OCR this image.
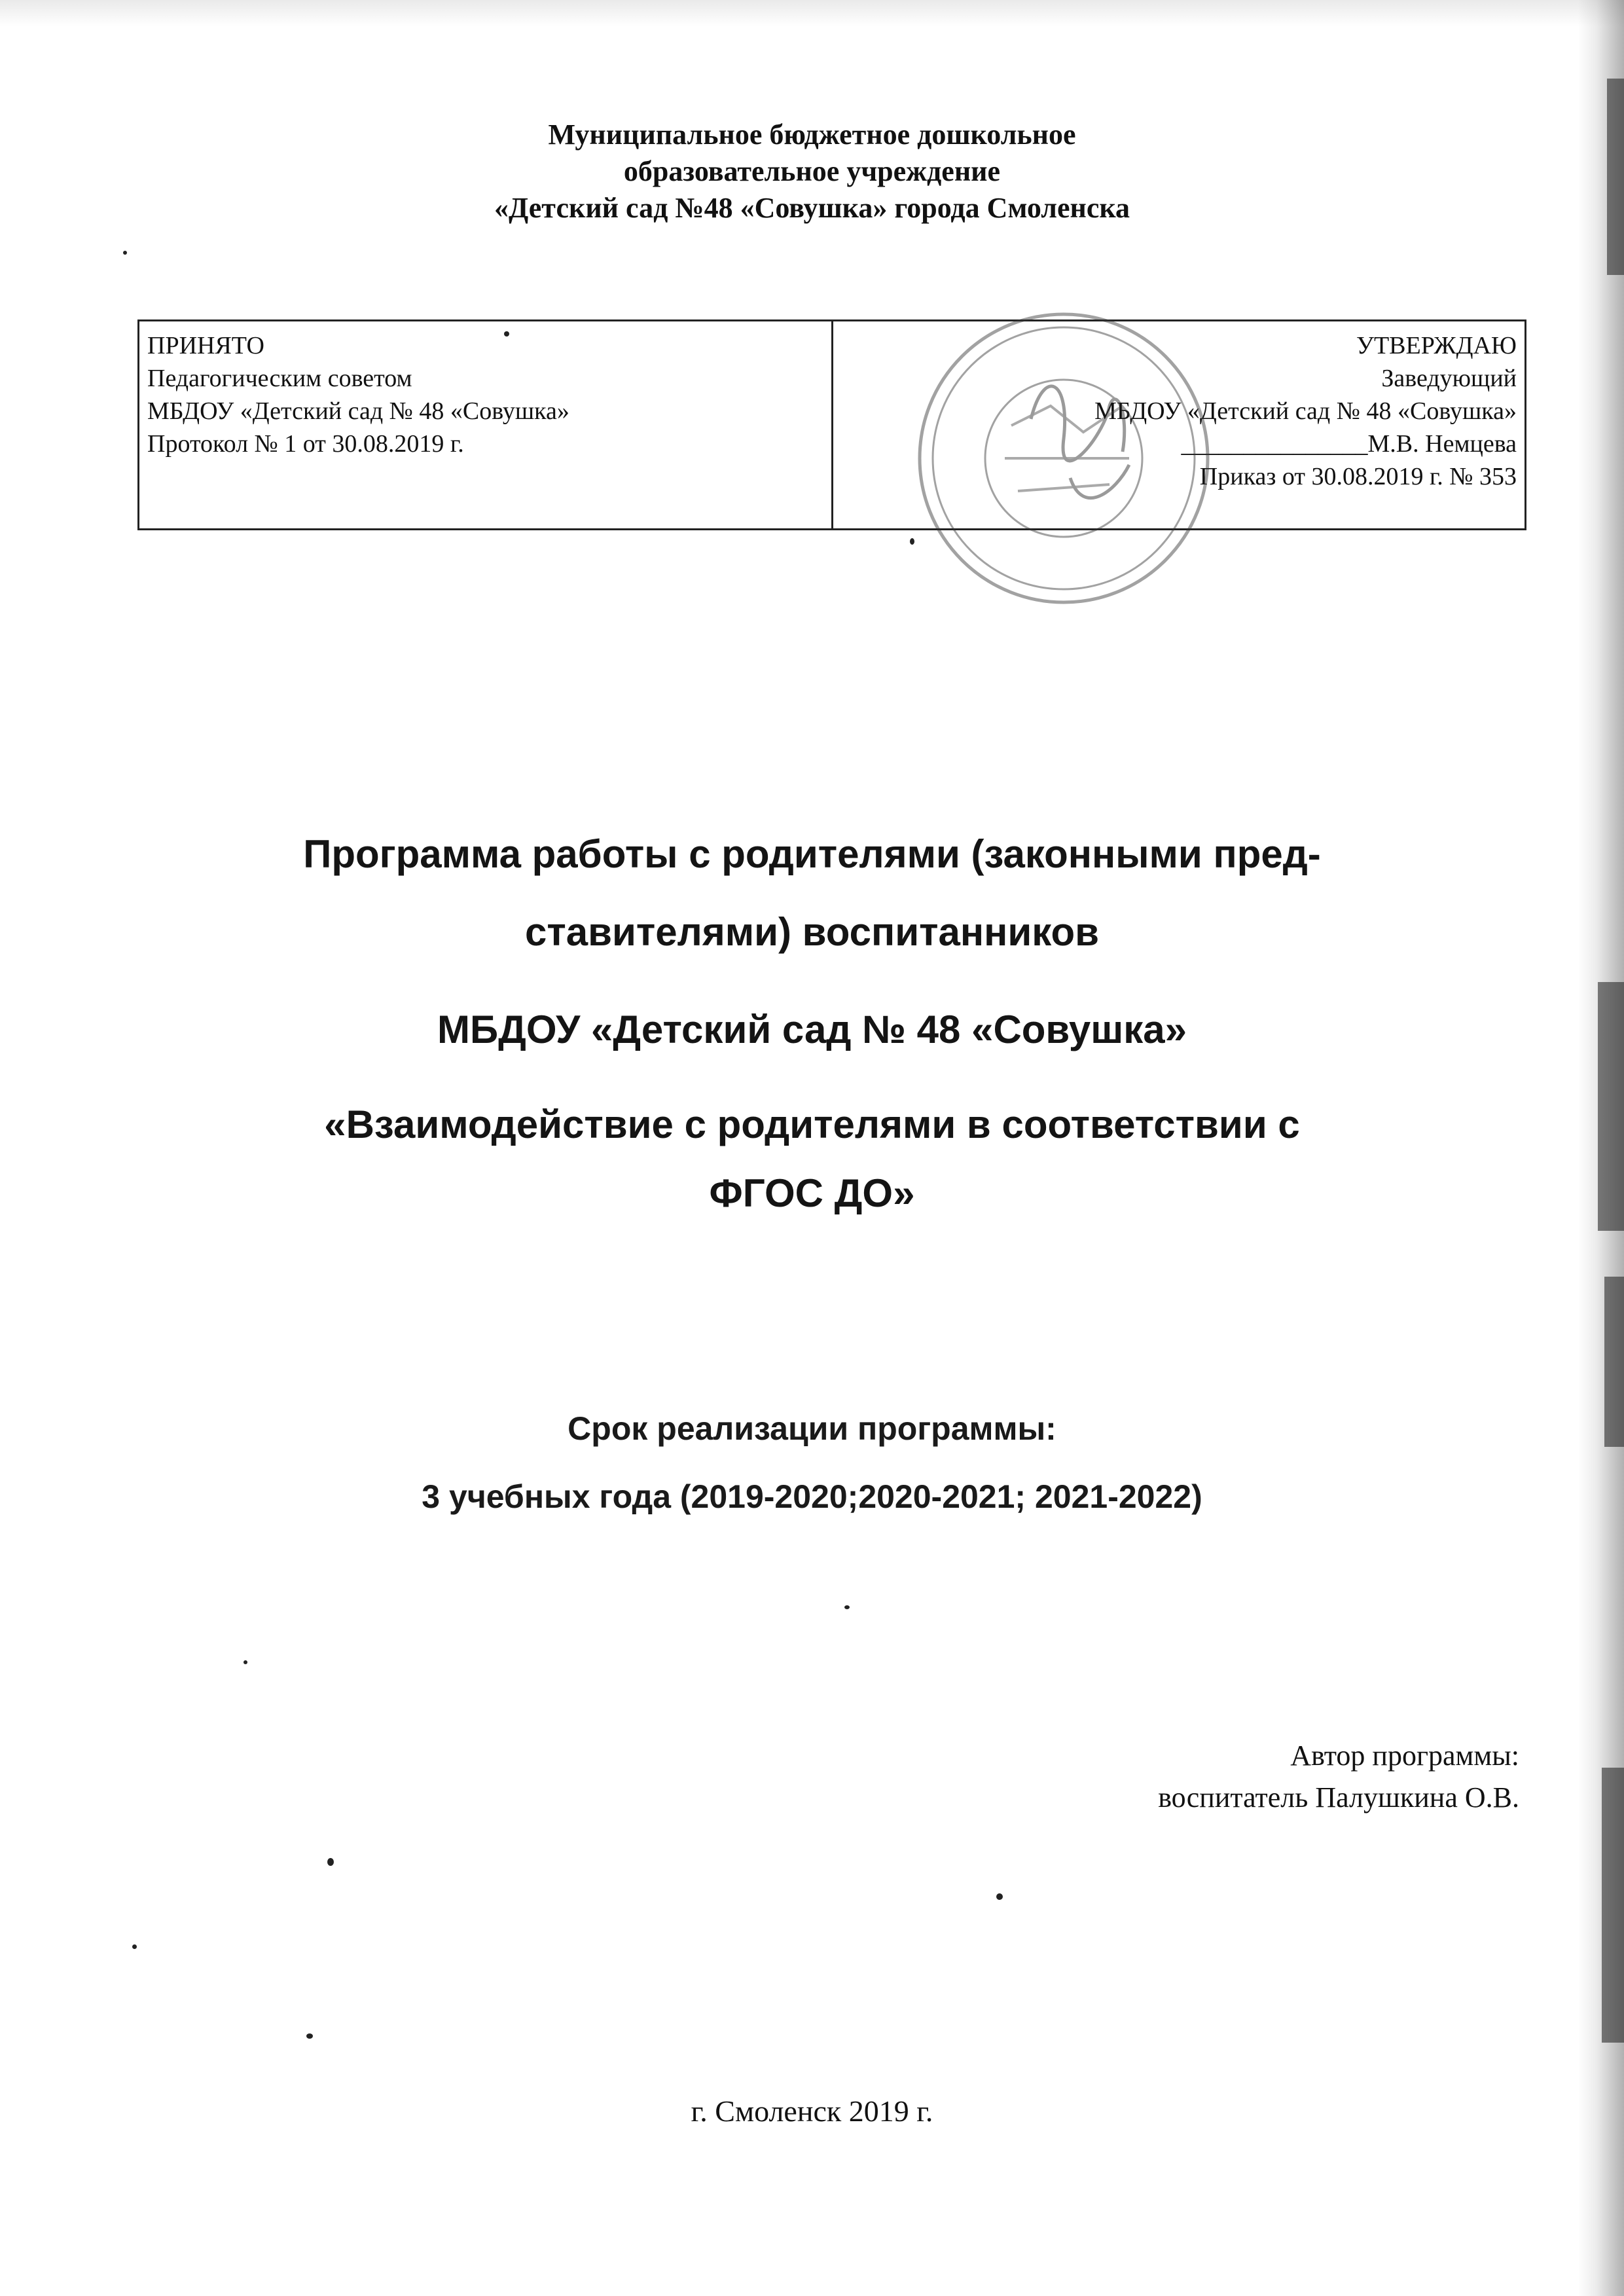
Муниципальное бюджетное дошкольное
образовательное учреждение
«Детский сад №48 «Совушка» города Смоленска
ПРИНЯТО
Педагогическим советом
МБДОУ «Детский сад № 48 «Совушка»
Протокол № 1 от 30.08.2019 г.
УТВЕРЖДАЮ
Заведующий
МБДОУ «Детский сад № 48 «Совушка»
_______________М.В. Немцева
Приказ от 30.08.2019 г. № 353
Программа работы с родителями (законными пред-
ставителями) воспитанников
МБДОУ «Детский сад № 48 «Совушка»
«Взаимодействие с родителями в соответствии с
ФГОС ДО»
Срок реализации программы:
3 учебных года (2019-2020;2020-2021; 2021-2022)
Автор программы:
воспитатель Палушкина О.В.
г. Смоленск 2019 г.
